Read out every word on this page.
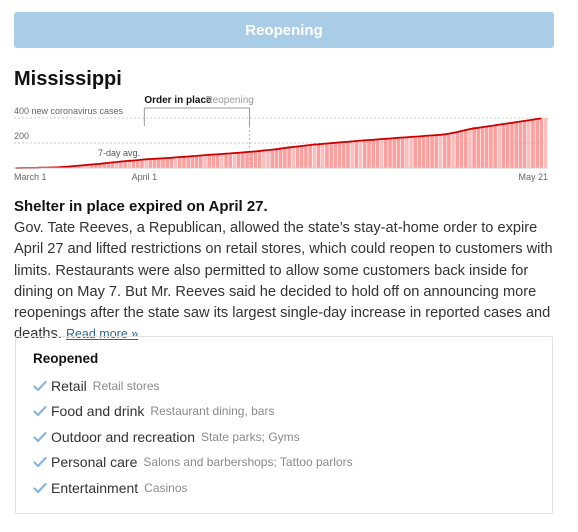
Reopening
Mississippi
400 new coronavirus cases
200
Order in place
Reopening
7-day avg.
March 1	April 1	May 21

Shelter in place expired on April 27.

Gov. Tate Reeves, a Republican, allowed the state’s stay-at-home order to expire April 27 and lifted restrictions on retail stores, which could reopen to customers with limits. Restaurants were also permitted to allow some customers back inside for dining on May 7. But Mr. Reeves said he decided to hold off on announcing more reopenings after the state saw its largest single-day increase in reported cases and deaths. Read more »

Reopened
Retail Retail stores
Food and drink Restaurant dining, bars
Outdoor and recreation State parks; Gyms
Personal care Salons and barbershops; Tattoo parlors
Entertainment Casinos
